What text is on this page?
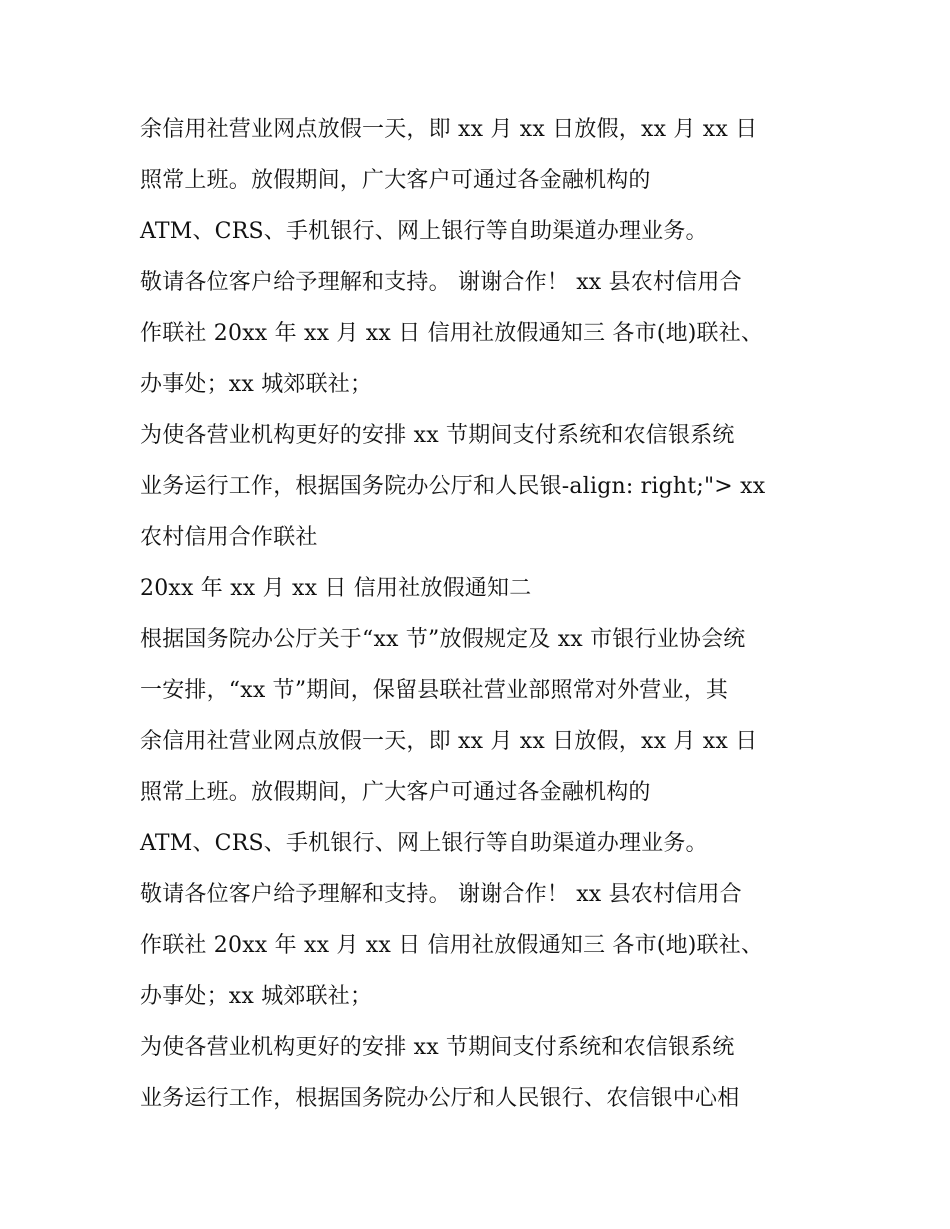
余信用社营业网点放假一天，即 xx 月 xx 日放假，xx 月 xx 日
照常上班。放假期间，广大客户可通过各金融机构的
ATM、CRS、手机银行、网上银行等自助渠道办理业务。
敬请各位客户给予理解和支持。 谢谢合作！ xx 县农村信用合
作联社 20xx 年 xx 月 xx 日 信用社放假通知三 各市(地)联社、
办事处；xx 城郊联社；
为使各营业机构更好的安排 xx 节期间支付系统和农信银系统
业务运行工作，根据国务院办公厅和人民银-align: right;"> xx
农村信用合作联社
20xx 年 xx 月 xx 日 信用社放假通知二
根据国务院办公厅关于“xx 节”放假规定及 xx 市银行业协会统
一安排，“xx 节”期间，保留县联社营业部照常对外营业，其
余信用社营业网点放假一天，即 xx 月 xx 日放假，xx 月 xx 日
照常上班。放假期间，广大客户可通过各金融机构的
ATM、CRS、手机银行、网上银行等自助渠道办理业务。
敬请各位客户给予理解和支持。 谢谢合作！ xx 县农村信用合
作联社 20xx 年 xx 月 xx 日 信用社放假通知三 各市(地)联社、
办事处；xx 城郊联社；
为使各营业机构更好的安排 xx 节期间支付系统和农信银系统
业务运行工作，根据国务院办公厅和人民银行、农信银中心相
